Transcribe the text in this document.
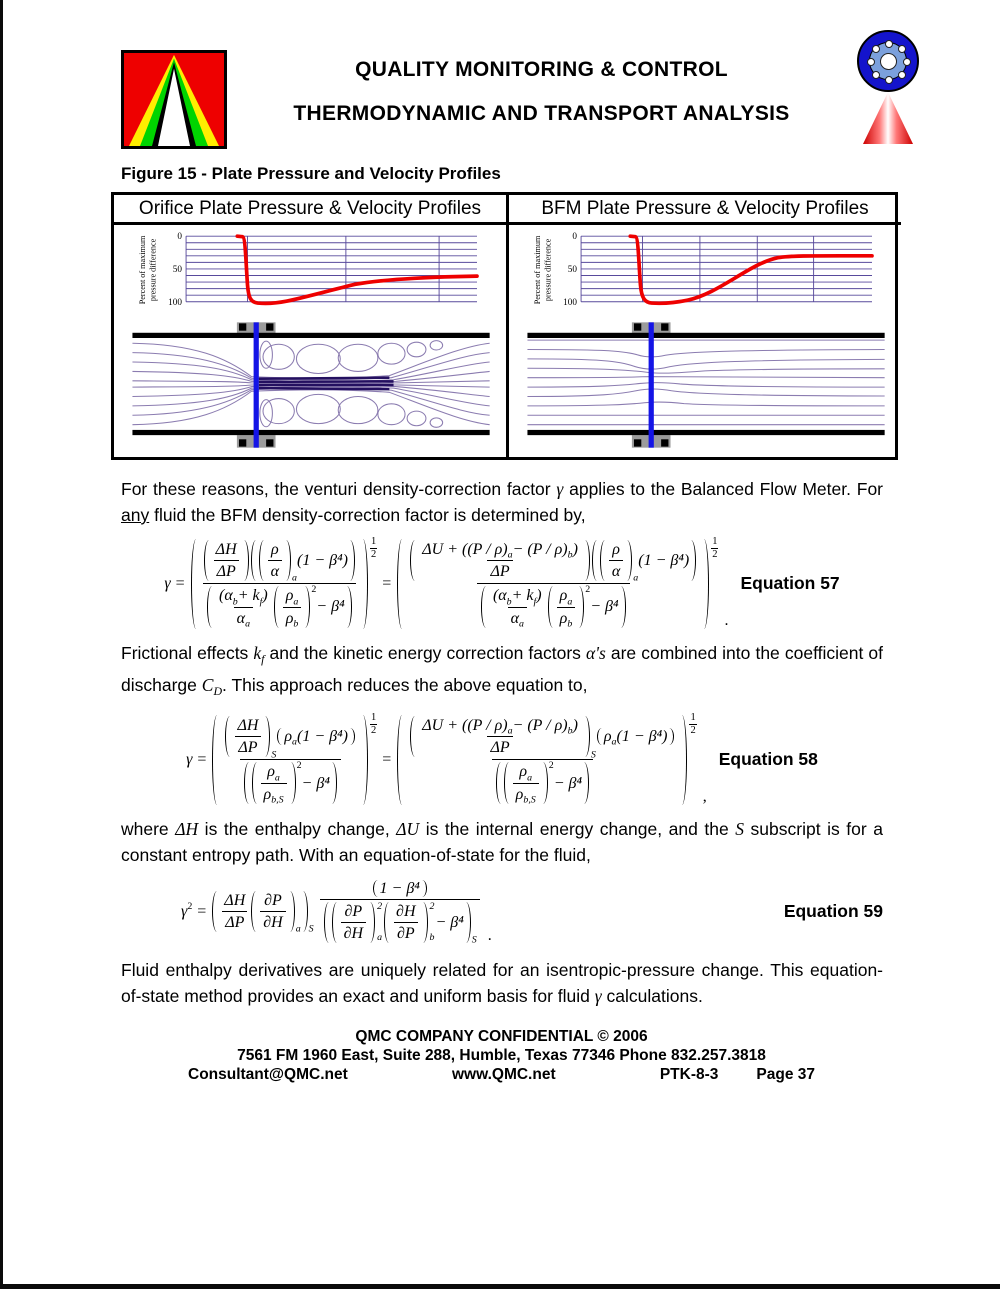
QUALITY MONITORING & CONTROL
THERMODYNAMIC AND TRANSPORT ANALYSIS
Figure 15 - Plate Pressure and Velocity Profiles
Orifice Plate Pressure & Velocity Profiles
Percent of maximum pressure difference
0
50
100
BFM Plate Pressure & Velocity Profiles
Percent of maximum pressure difference
0
50
100
For these reasons, the venturi density-correction factor γ applies to the Balanced Flow Meter. For any fluid the BFM density-correction factor is determined by,
γ =
$\frac{\Delta H}{\Delta P} \frac{\rho}{\alpha}$ a
(1 − β⁴)
$\frac{\text{( α b + k f )}}{\text{α a}} \frac{\text{ρ a}}{\text{ρ b}} 2$
− β⁴
$\frac{1}{2}$
=
$\frac{\Delta U + ((P / \rho) a - (P / \rho) b )}{\Delta P} \frac{\rho}{\alpha}$ a
(1 − β⁴)
$\frac{\text{( α b + k f )}}{\text{α a}} \frac{\text{ρ a}}{\text{ρ b}} 2$
− β⁴
$\frac{1}{2}$
.
Equation 57
Frictional effects $k_f$ and the kinetic energy correction factors α's are combined into the coefficient of discharge $C_D$. This approach reduces the above equation to,
$\gamma = \frac{\Delta H}{\Delta P}$ S
ρ a (1 − β⁴)
$\frac{\text{ρ a}}{\text{ρ b,S}} 2$
− $\beta^4 \frac{1}{2}$
= $\frac{\Delta U + ((P / \rho) a - (P / \rho) b )}{\Delta P}$ S
ρ a (1 − β⁴)
$\frac{\text{ρ a}}{\text{ρ b,S}} 2$
− $\beta^4 \frac{1}{2}$
,
Equation 58
where ΔH is the enthalpy change, ΔU is the internal energy change, and the S subscript is for a constant entropy path. With an equation-of-state for the fluid,
γ $2 = \frac{\Delta H}{\Delta P} \frac{\partial P}{\partial H}$ a S
1 − β⁴
$\frac{\partial P}{\partial H} 2$
a $\frac{\partial H}{\partial P} 2$
b
− β⁴
S .
Equation 59
Fluid enthalpy derivatives are uniquely related for an isentropic-pressure change. This equation-of-state method provides an exact and uniform basis for fluid γ calculations.
QMC COMPANY CONFIDENTIAL © 2006
7561 FM 1960 East, Suite 288, Humble, Texas 77346 Phone 832.257.3818
Consultant@QMC.net	www.QMC.net	PTK-8-3 Page 37
